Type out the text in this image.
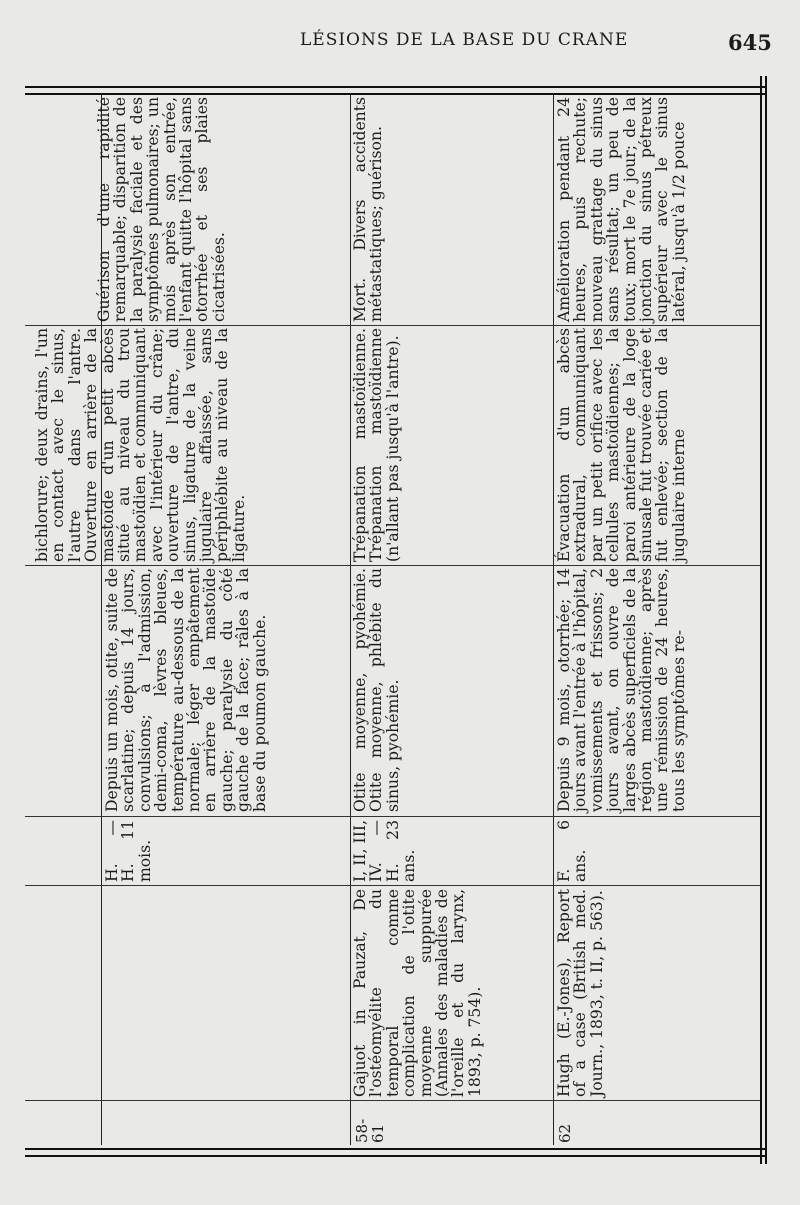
LÉSIONS DE LA BASE DU CRANE	645
H. — H. 11 mois.
Depuis un mois, otite, suite de scarlatine; depuis 14 jours, convulsions; à l'admission, demi-coma, lèvres bleues, température au-dessous de la normale; léger empâtement en arrière de la mastoïde gauche; paralysie du côté gauche de la face; râles à la base du poumon gauche.
bichlorure; deux drains, l'un en contact avec le sinus, l'autre dans l'antre. Ouverture en arrière de la mastoïde d'un petit abcès situé au niveau du trou mastoïdien et communiquant avec l'intérieur du crâne; ouverture de l'antre, du sinus, ligature de la veine jugulaire affaissée, sans périphlébite au niveau de la ligature.
Guérison d'une rapidité remarquable; disparition de la paralysie faciale et des symptômes pulmonaires; un mois après son entrée, l'enfant quitte l'hôpital sans otorrhée et ses plaies cicatrisées.
58-61
Gajuot in Pauzat, De l'ostéomyélite du temporal comme complication de l'otite moyenne suppurée (Annales des maladies de l'oreille et du larynx, 1893, p. 754).
I, II, III, IV. — H. 23 ans.
Otite moyenne, pyohémie. Otite moyenne, phlébite du sinus, pyohémie.
Trépanation mastoïdienne. Trépanation mastoïdienne (n'allant pas jusqu'à l'antre).
Mort. Divers accidents métastatiques; guérison.
62
Hugh (E.-Jones), Report of a case (British med. Journ., 1893, t. II, p. 563).
F. 6 ans.
Depuis 9 mois, otorrhée; 14 jours avant l'entrée à l'hôpital, vomissements et frissons; 2 jours avant, on ouvre de larges abcès superficiels de la région mastoïdienne; après une rémission de 24 heures, tous les symptômes re-
Évacuation d'un abcès extradural, communiquant par un petit orifice avec les cellules mastoïdiennes; la paroi antérieure de la loge sinusale fut trouvée cariée et fut enlevée; section de la jugulaire interne
Amélioration pendant 24 heures, puis rechute; nouveau grattage du sinus sans résultat; un peu de toux; mort le 7e jour; de la jonction du sinus pétreux supérieur avec le sinus latéral, jusqu'à 1/2 pouce
